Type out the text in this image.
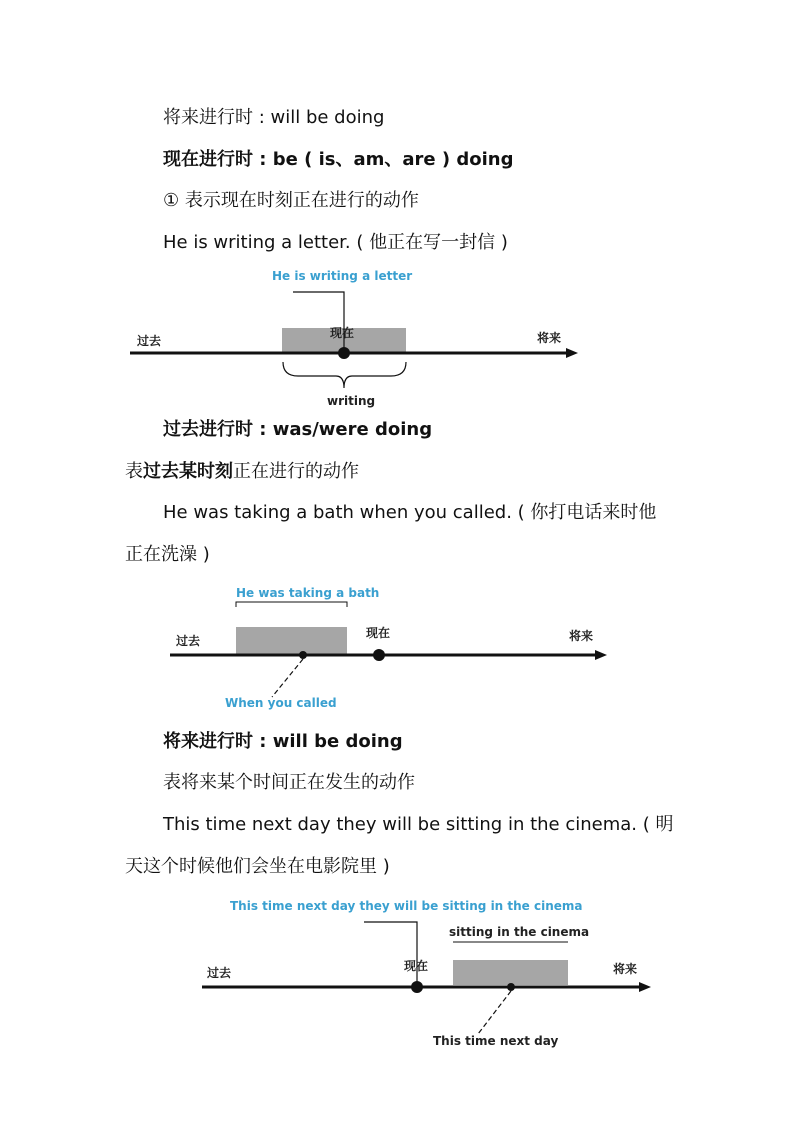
将来进行时 : will be doing
现在进行时 : be ( is、am、are ) doing
① 表示现在时刻正在进行的动作
He is writing a letter. ( 他正在写一封信 )
He is writing a letter
现在
过去	将来
writing
过去进行时 : was/were doing
表过去某时刻正在进行的动作
He was taking a bath when you called. ( 你打电话来时他
正在洗澡 )
He was taking a bath
过去
现在	将来
When you called
将来进行时 : will be doing
表将来某个时间正在发生的动作
This time next day they will be sitting in the cinema. ( 明
天这个时候他们会坐在电影院里 )
This time next day they will be sitting in the cinema
sitting in the cinema
过去	现在	将来
This time next day
